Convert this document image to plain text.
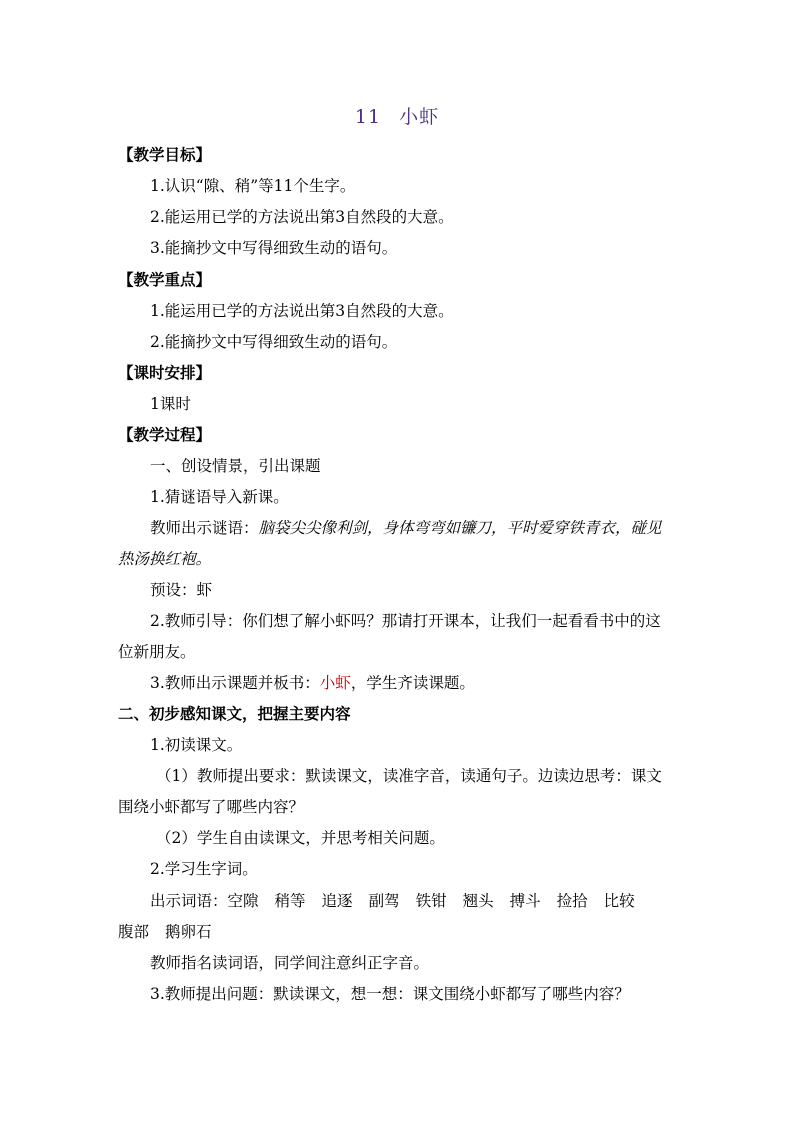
11 小虾
【教学目标】
1.认识“隙、稍”等11个生字。
2.能运用已学的方法说出第3自然段的大意。
3.能摘抄文中写得细致生动的语句。
【教学重点】
1.能运用已学的方法说出第3自然段的大意。
2.能摘抄文中写得细致生动的语句。
【课时安排】
1课时
【教学过程】
一、创设情景，引出课题
1.猜谜语导入新课。
教师出示谜语：脑袋尖尖像利剑，身体弯弯如镰刀，平时爱穿铁青衣，碰见
热汤换红袍。
预设：虾
2.教师引导：你们想了解小虾吗？那请打开课本，让我们一起看看书中的这
位新朋友。
3.教师出示课题并板书：小虾，学生齐读课题。
二、初步感知课文，把握主要内容
1.初读课文。
（1）教师提出要求：默读课文，读准字音，读通句子。边读边思考：课文
围绕小虾都写了哪些内容？
（2）学生自由读课文，并思考相关问题。
2.学习生字词。
出示词语：空隙 稍等 追逐 副驾 铁钳 翘头 搏斗 捡拾 比较
腹部 鹅卵石
教师指名读词语，同学间注意纠正字音。
3.教师提出问题：默读课文，想一想：课文围绕小虾都写了哪些内容？
